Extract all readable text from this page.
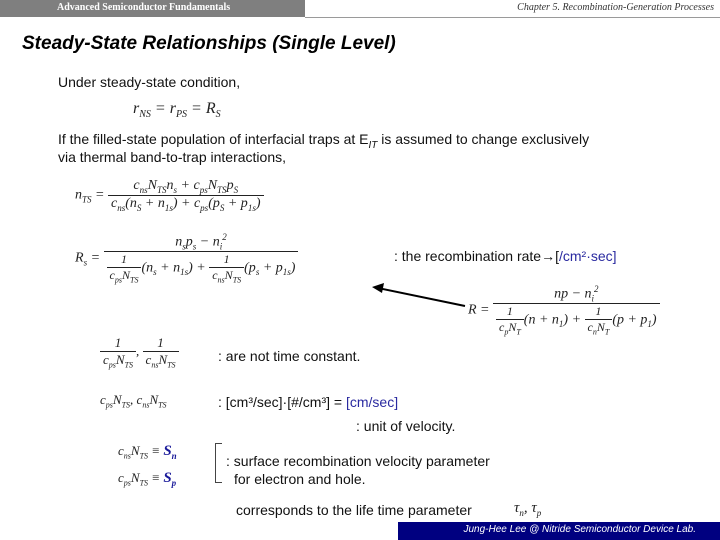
Advanced Semiconductor Fundamentals	Chapter 5. Recombination-Generation Processes
Steady-State Relationships (Single Level)
Under steady-state condition,
$r_{NS} = r_{PS} = R_S$
If the filled-state population of interfacial traps at $E_{IT}$ is assumed to change exclusively
via thermal band-to-trap interactions,
$n_{TS} = \frac{c_{ns}N_{TS}n_s + c_{ps}N_{TS}p_S}{c_{ns}(n_S + n_{1s}) + c_{ps}(p_S + p_{1s})}$
$R_s = \frac{n_sp_s - n_i^2}{\frac{1}{c_{ps}N_{TS}} (n_s + n_{1s}) + \frac{1}{c_{ns}N_{TS}} (p_s + p_{1s})}$	: the recombination rate→[/cm²·sec]
$R = \frac{np - n_i^2}{\frac{1}{c_pN_T} (n + n_1) + \frac{1}{c_nN_T} (p + p_1)}$
$\frac{1}{c_{ps}N_{TS}}$ , $\frac{1}{c_{ns}N_{TS}}$	: are not time constant.
$c_{ps}N_{TS}$, $c_{ns}N_{TS}$	: [cm³/sec]·[#/cm³] = [cm/sec]
: unit of velocity.
$c_{ns}N_{TS} \equiv S_n$
$c_{ps}N_{TS} \equiv S_p$
: surface recombination velocity parameter
for electron and hole.
corresponds to the life time parameter	$\tau_n$, $\tau_p$
Jung-Hee Lee @ Nitride Semiconductor Device Lab.
